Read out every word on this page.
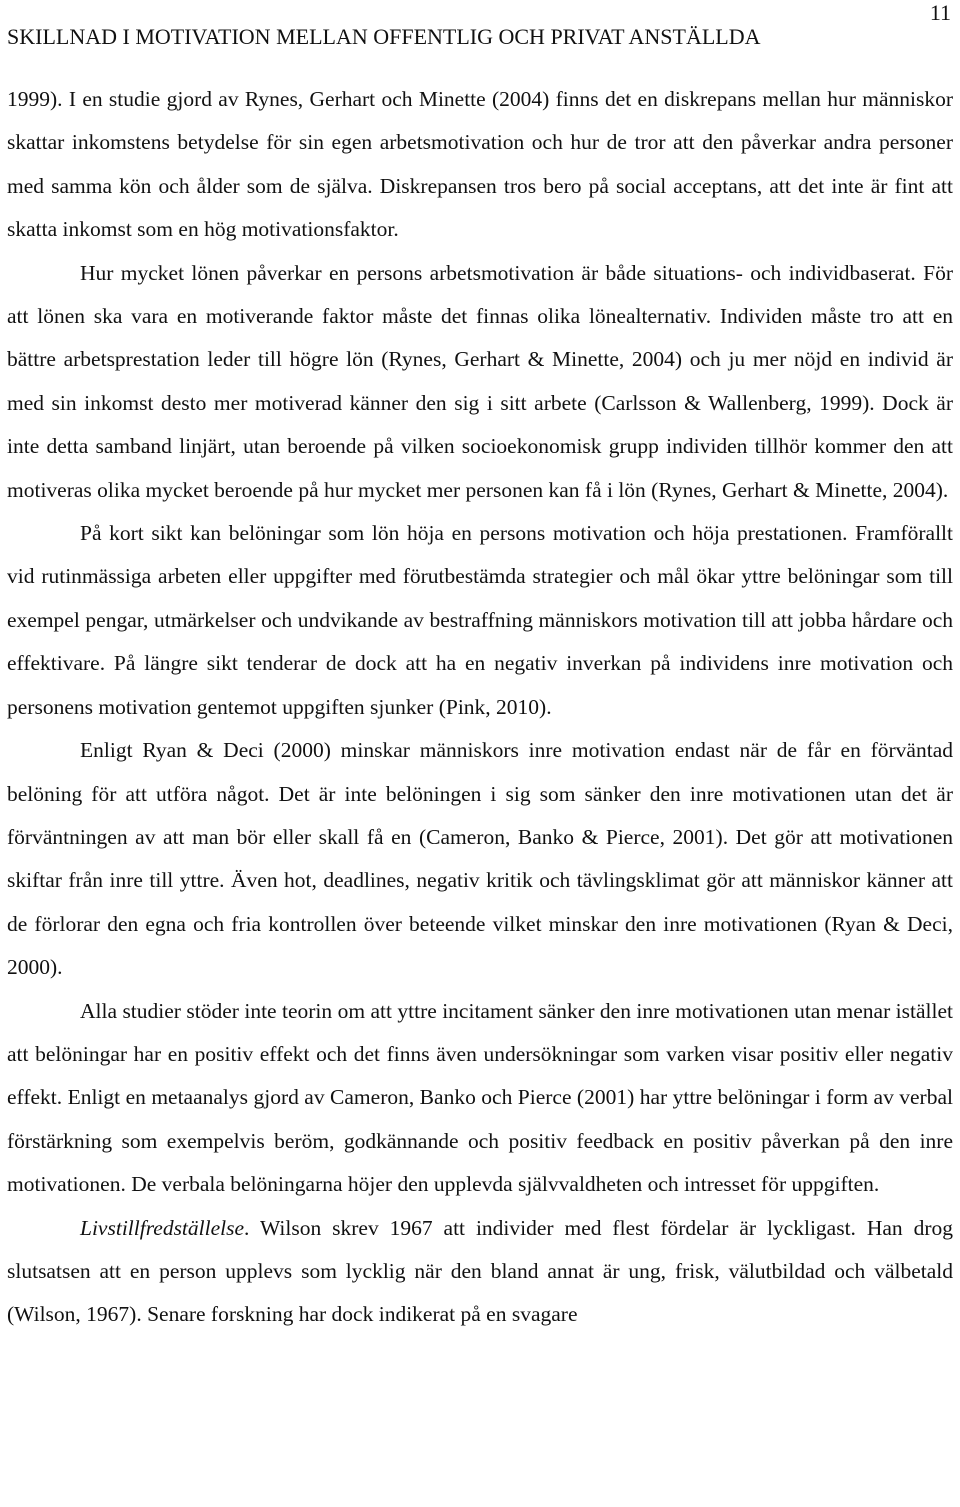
11
SKILLNAD I MOTIVATION MELLAN OFFENTLIG OCH PRIVAT ANSTÄLLDA

1999). I en studie gjord av Rynes, Gerhart och Minette (2004) finns det en diskrepans mellan hur människor skattar inkomstens betydelse för sin egen arbetsmotivation och hur de tror att den påverkar andra personer med samma kön och ålder som de själva. Diskrepansen tros bero på social acceptans, att det inte är fint att skatta inkomst som en hög motivationsfaktor.

Hur mycket lönen påverkar en persons arbetsmotivation är både situations- och individbaserat. För att lönen ska vara en motiverande faktor måste det finnas olika lönealternativ. Individen måste tro att en bättre arbetsprestation leder till högre lön (Rynes, Gerhart & Minette, 2004) och ju mer nöjd en individ är med sin inkomst desto mer motiverad känner den sig i sitt arbete (Carlsson & Wallenberg, 1999). Dock är inte detta samband linjärt, utan beroende på vilken socioekonomisk grupp individen tillhör kommer den att motiveras olika mycket beroende på hur mycket mer personen kan få i lön (Rynes, Gerhart & Minette, 2004).

På kort sikt kan belöningar som lön höja en persons motivation och höja prestationen. Framförallt vid rutinmässiga arbeten eller uppgifter med förutbestämda strategier och mål ökar yttre belöningar som till exempel pengar, utmärkelser och undvikande av bestraffning människors motivation till att jobba hårdare och effektivare. På längre sikt tenderar de dock att ha en negativ inverkan på individens inre motivation och personens motivation gentemot uppgiften sjunker (Pink, 2010).

Enligt Ryan & Deci (2000) minskar människors inre motivation endast när de får en förväntad belöning för att utföra något. Det är inte belöningen i sig som sänker den inre motivationen utan det är förväntningen av att man bör eller skall få en (Cameron, Banko & Pierce, 2001). Det gör att motivationen skiftar från inre till yttre. Även hot, deadlines, negativ kritik och tävlingsklimat gör att människor känner att de förlorar den egna och fria kontrollen över beteende vilket minskar den inre motivationen (Ryan & Deci, 2000).

Alla studier stöder inte teorin om att yttre incitament sänker den inre motivationen utan menar istället att belöningar har en positiv effekt och det finns även undersökningar som varken visar positiv eller negativ effekt. Enligt en metaanalys gjord av Cameron, Banko och Pierce (2001) har yttre belöningar i form av verbal förstärkning som exempelvis beröm, godkännande och positiv feedback en positiv påverkan på den inre motivationen. De verbala belöningarna höjer den upplevda självvaldheten och intresset för uppgiften.

Livstillfredställelse. Wilson skrev 1967 att individer med flest fördelar är lyckligast. Han drog slutsatsen att en person upplevs som lycklig när den bland annat är ung, frisk, välutbildad och välbetald (Wilson, 1967). Senare forskning har dock indikerat på en svagare
